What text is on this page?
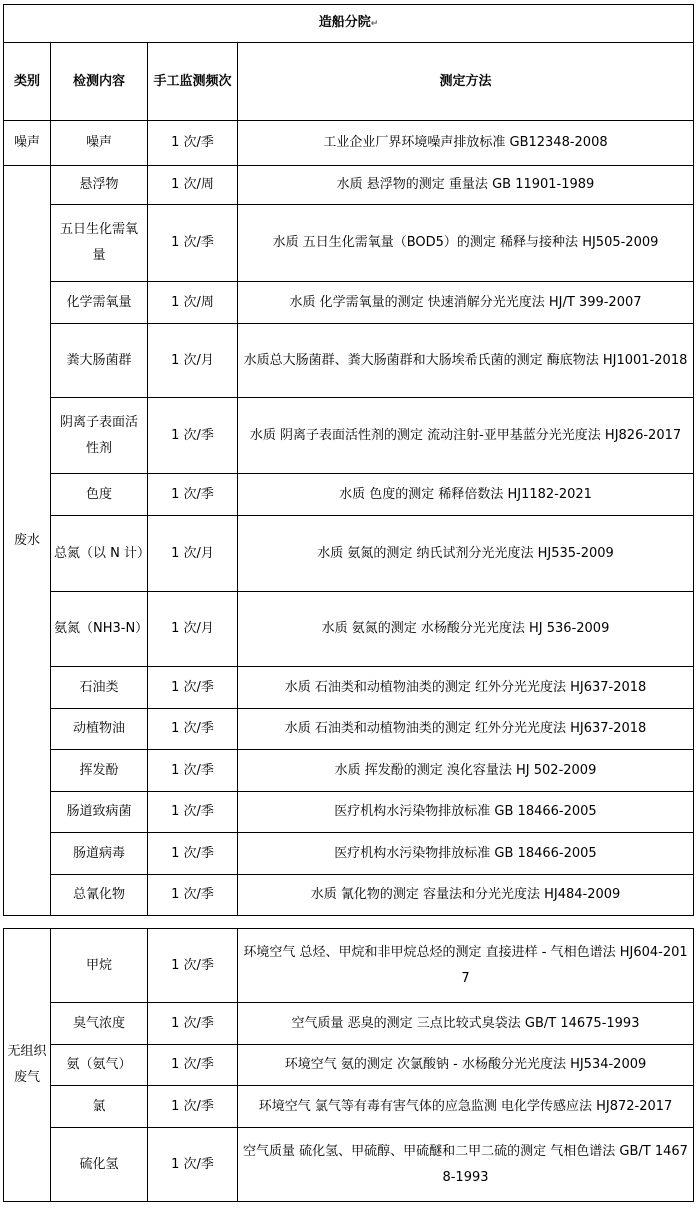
造船分院↵			
类别	检测内容	手工监测频次	测定方法
噪声	噪声	1 次/季	工业企业厂界环境噪声排放标准 GB12348-2008
废水	悬浮物	1 次/周	水质 悬浮物的测定 重量法 GB 11901-1989
	五日生化需氧量	1 次/季	水质 五日生化需氧量（BOD5）的测定 稀释与接种法 HJ505-2009
	化学需氧量	1 次/周	水质 化学需氧量的测定 快速消解分光光度法 HJ/T 399-2007
	粪大肠菌群	1 次/月	水质总大肠菌群、粪大肠菌群和大肠埃希氏菌的测定 酶底物法 HJ1001-2018
	阴离子表面活性剂	1 次/季	水质 阴离子表面活性剂的测定 流动注射-亚甲基蓝分光光度法 HJ826-2017
	色度	1 次/季	水质 色度的测定 稀释倍数法 HJ1182-2021
	总氮（以 N 计）	1 次/月	水质 氨氮的测定 纳氏试剂分光光度法 HJ535-2009
	氨氮（NH3-N）	1 次/月	水质 氨氮的测定 水杨酸分光光度法 HJ 536-2009
	石油类	1 次/季	水质 石油类和动植物油类的测定 红外分光光度法 HJ637-2018
	动植物油	1 次/季	水质 石油类和动植物油类的测定 红外分光光度法 HJ637-2018
	挥发酚	1 次/季	水质 挥发酚的测定 溴化容量法 HJ 502-2009
	肠道致病菌	1 次/季	医疗机构水污染物排放标准 GB 18466-2005
	肠道病毒	1 次/季	医疗机构水污染物排放标准 GB 18466-2005
	总氰化物	1 次/季	水质 氰化物的测定 容量法和分光光度法 HJ484-2009
无组织废气	甲烷	1 次/季	环境空气 总烃、甲烷和非甲烷总烃的测定 直接进样 - 气相色谱法 HJ604-2017
	臭气浓度	1 次/季	空气质量 恶臭的测定 三点比较式臭袋法 GB/T 14675-1993
	氨（氨气）	1 次/季	环境空气 氨的测定 次氯酸钠 - 水杨酸分光光度法 HJ534-2009
	氯	1 次/季	环境空气 氯气等有毒有害气体的应急监测 电化学传感应法 HJ872-2017
	硫化氢	1 次/季	空气质量 硫化氢、甲硫醇、甲硫醚和二甲二硫的测定 气相色谱法 GB/T 14678-1993
